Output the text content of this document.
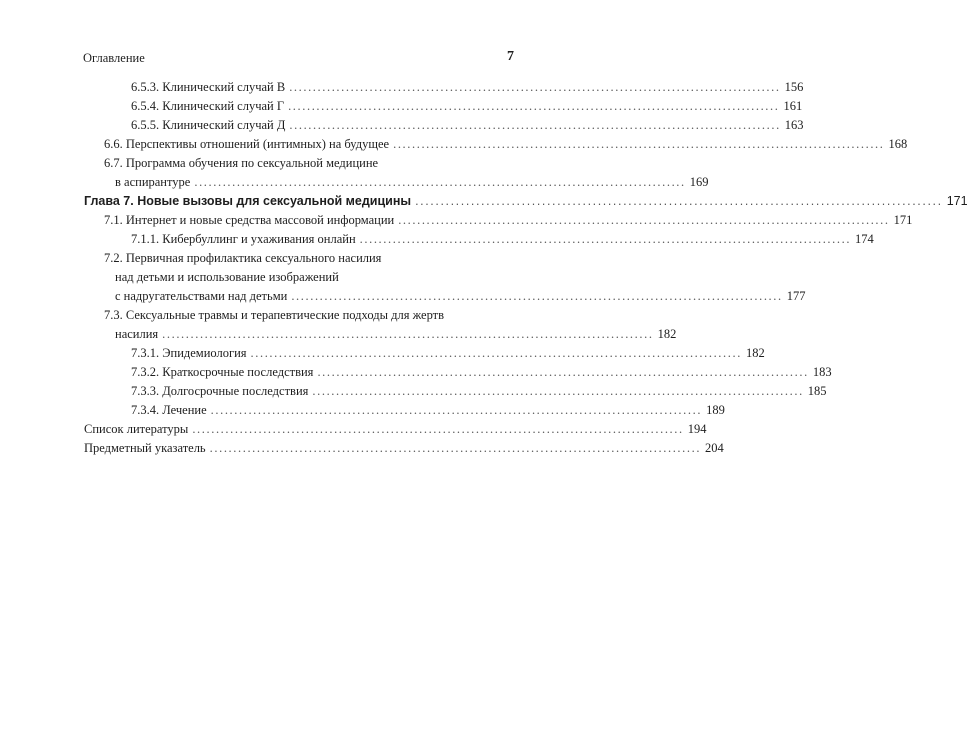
Оглавление	7
6.5.3. Клинический случай В ........................................................................................................ 156
6.5.4. Клинический случай Г ........................................................................................................ 161
6.5.5. Клинический случай Д ........................................................................................................ 163
6.6. Перспективы отношений (интимных) на будущее ........................................................................................................ 168
6.7. Программа обучения по сексуальной медицине
в аспирантуре ........................................................................................................ 169
Глава 7. Новые вызовы для сексуальной медицины ........................................................................................................ 171
7.1. Интернет и новые средства массовой информации ........................................................................................................ 171
7.1.1. Кибербуллинг и ухаживания онлайн ........................................................................................................ 174
7.2. Первичная профилактика сексуального насилия
над детьми и использование изображений
с надругательствами над детьми ........................................................................................................ 177
7.3. Сексуальные травмы и терапевтические подходы для жертв
насилия ........................................................................................................ 182
7.3.1. Эпидемиология ........................................................................................................ 182
7.3.2. Краткосрочные последствия ........................................................................................................ 183
7.3.3. Долгосрочные последствия ........................................................................................................ 185
7.3.4. Лечение ........................................................................................................ 189
Список литературы ........................................................................................................ 194
Предметный указатель ........................................................................................................ 204
